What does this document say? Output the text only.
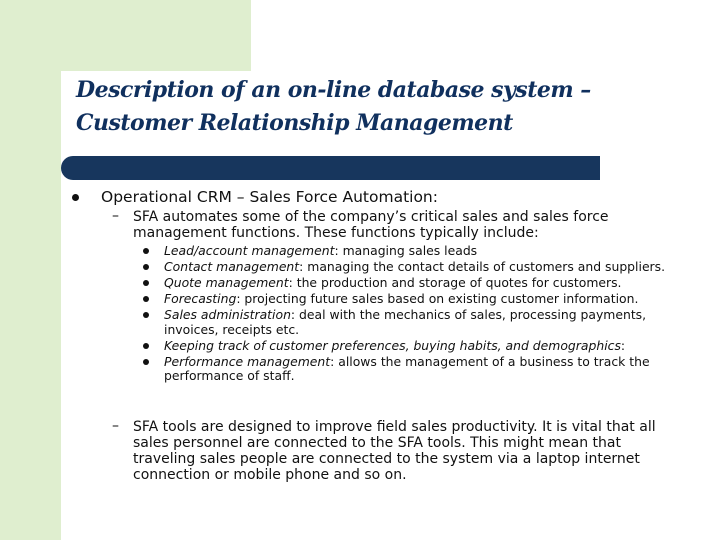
Description of an on-line database system –
Customer Relationship Management
Operational CRM – Sales Force Automation:
– SFA automates some of the company’s critical sales and sales force management functions. These functions typically include:
Lead/account management: managing sales leads
Contact management: managing the contact details of customers and suppliers.
Quote management: the production and storage of quotes for customers.
Forecasting: projecting future sales based on existing customer information.
Sales administration: deal with the mechanics of sales, processing payments, invoices, receipts etc.
Keeping track of customer preferences, buying habits, and demographics:
Performance management: allows the management of a business to track the performance of staff.
– SFA tools are designed to improve field sales productivity. It is vital that all sales personnel are connected to the SFA tools. This might mean that traveling sales people are connected to the system via a laptop internet connection or mobile phone and so on.
